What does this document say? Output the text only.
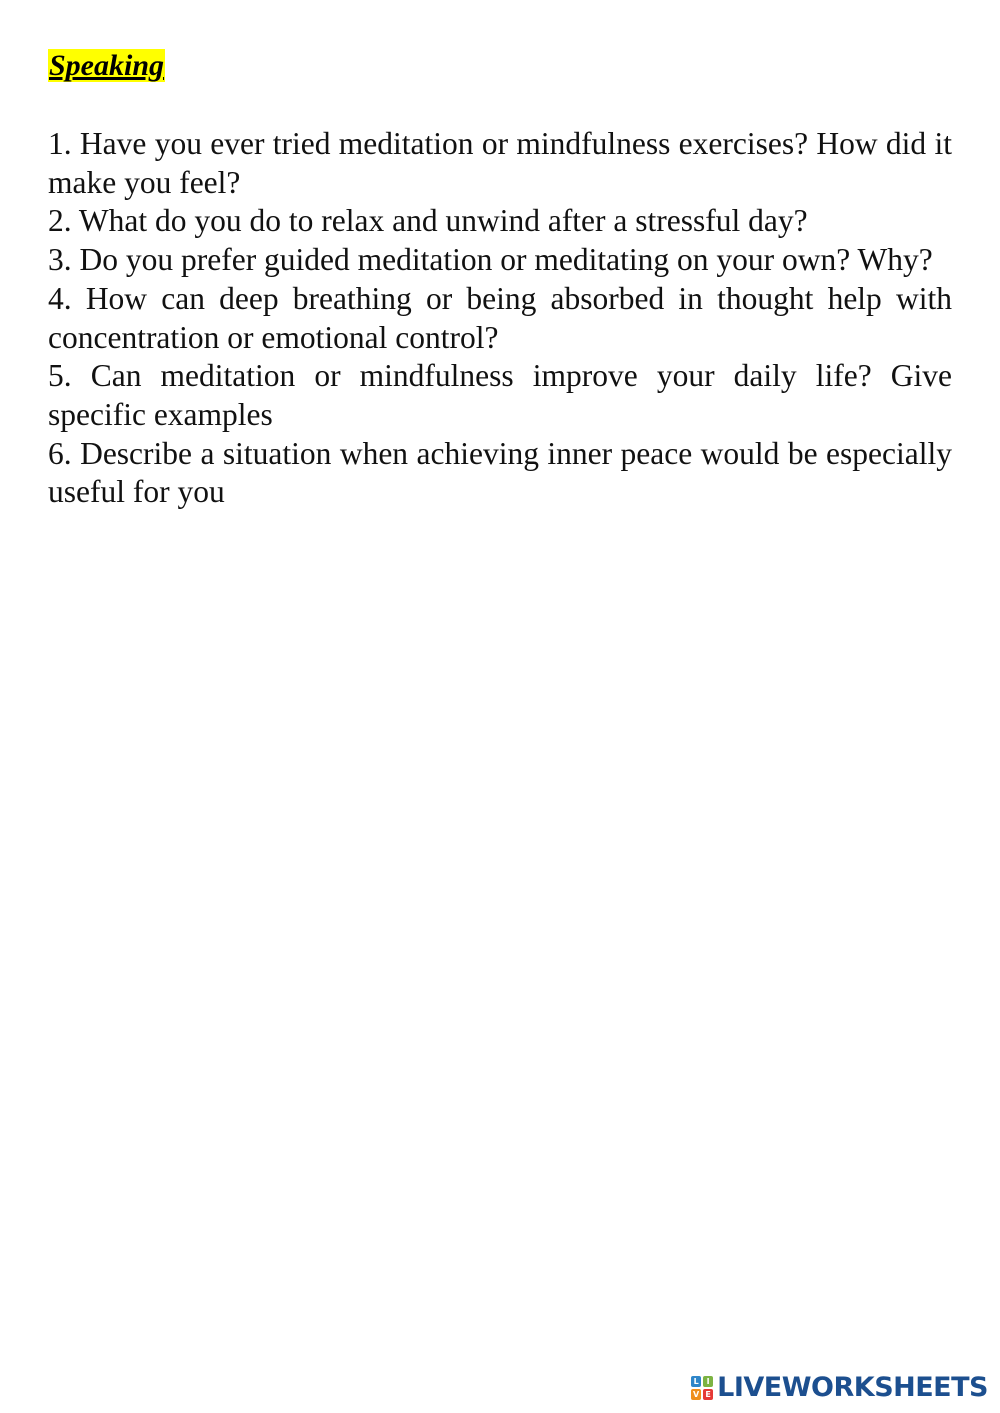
Speaking
1. Have you ever tried meditation or mindfulness exercises? How did it make you feel?
2. What do you do to relax and unwind after a stressful day?
3. Do you prefer guided meditation or meditating on your own? Why?
4. How can deep breathing or being absorbed in thought help with concentration or emotional control?
5. Can meditation or mindfulness improve your daily life? Give specific examples
6. Describe a situation when achieving inner peace would be especially useful for you
L I
V E LIVEWORKSHEETS
